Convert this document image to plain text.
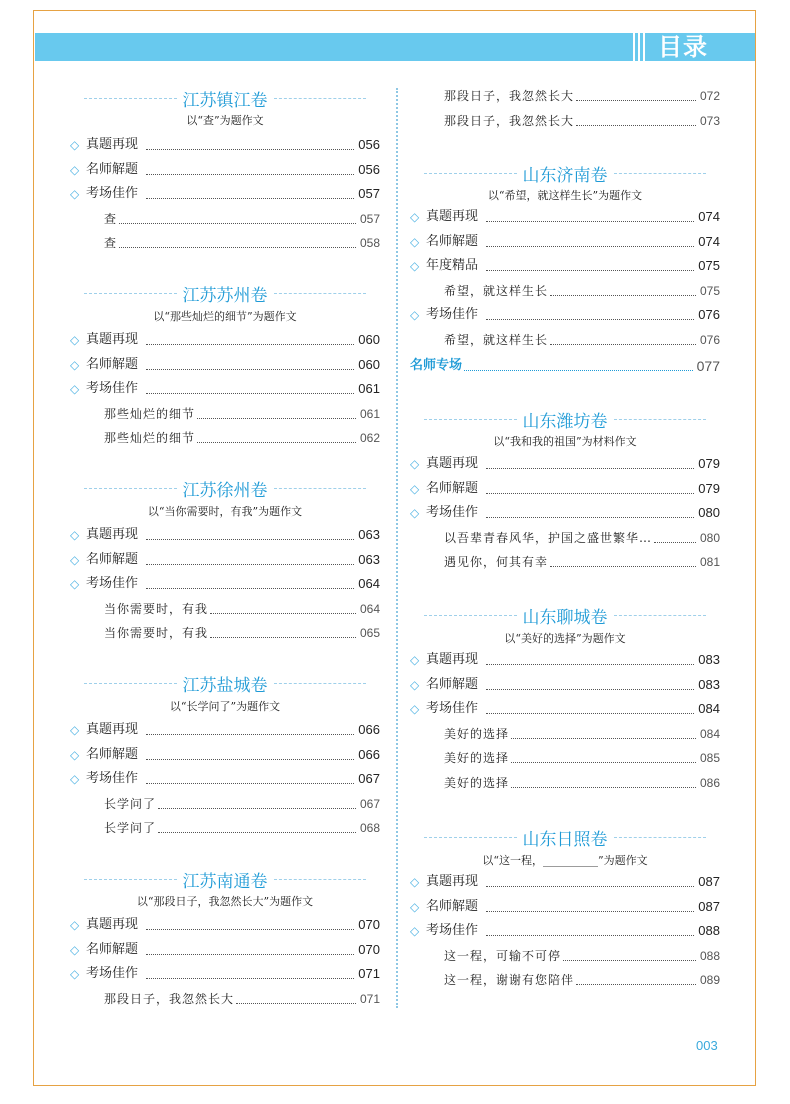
目录
江苏镇江卷
以“查”为题作文
◇ 真题再现	056
◇ 名师解题	056
◇ 考场佳作	057
查	057
查	058
江苏苏州卷
以“那些灿烂的细节”为题作文
◇ 真题再现	060
◇ 名师解题	060
◇ 考场佳作	061
那些灿烂的细节	061
那些灿烂的细节	062
江苏徐州卷
以“当你需要时，有我”为题作文
◇ 真题再现	063
◇ 名师解题	063
◇ 考场佳作	064
当你需要时，有我	064
当你需要时，有我	065
江苏盐城卷
以“长学问了”为题作文
◇ 真题再现	066
◇ 名师解题	066
◇ 考场佳作	067
长学问了	067
长学问了	068
江苏南通卷
以“那段日子，我忽然长大”为题作文
◇ 真题再现	070
◇ 名师解题	070
◇ 考场佳作	071
那段日子，我忽然长大	071
那段日子，我忽然长大	072
那段日子，我忽然长大	073
山东济南卷
以“希望，就这样生长”为题作文
◇ 真题再现	074
◇ 名师解题	074
◇ 年度精品	075
希望，就这样生长	075
◇ 考场佳作	076
希望，就这样生长	076
山东潍坊卷
以“我和我的祖国”为材料作文
◇ 真题再现	079
◇ 名师解题	079
◇ 考场佳作	080
以吾辈青春风华，护国之盛世繁华…	080
遇见你，何其有幸	081
山东聊城卷
以“美好的选择”为题作文
◇ 真题再现	083
◇ 名师解题	083
◇ 考场佳作	084
美好的选择	084
美好的选择	085
美好的选择	086
山东日照卷
以“这一程，__________”为题作文
◇ 真题再现	087
◇ 名师解题	087
◇ 考场佳作	088
这一程，可输不可停	088
这一程，谢谢有您陪伴	089
名师专场	077
003
